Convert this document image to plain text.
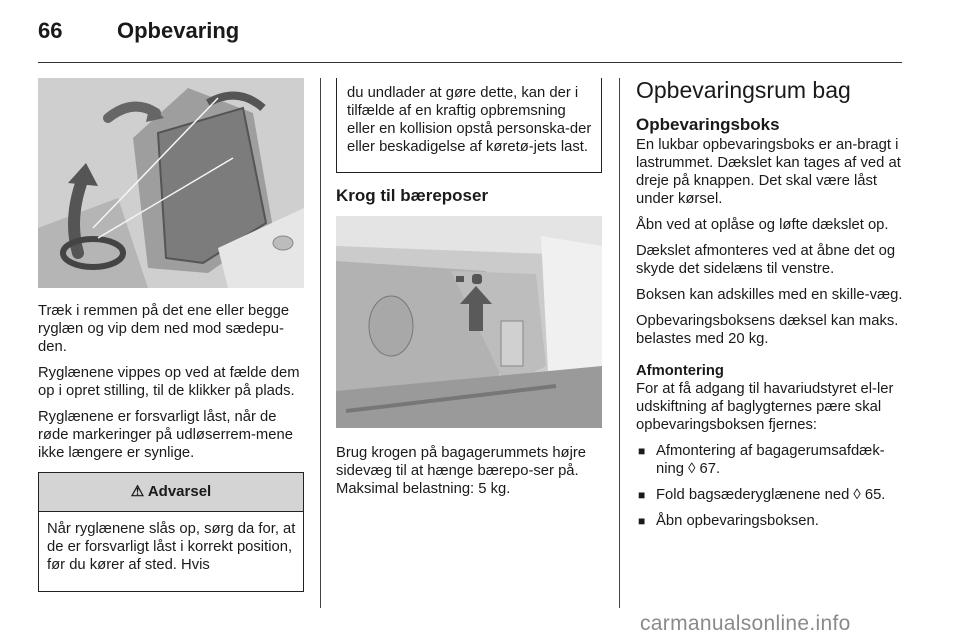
66 Opbevaring

Træk i remmen på det ene eller begge ryglæn og vip dem ned mod sædepu-den.

Ryglænene vippes op ved at fælde dem op i opret stilling, til de klikker på plads.

Ryglænene er forsvarligt låst, når de røde markeringer på udløserrem-mene ikke længere er synlige.

⚠ Advarsel
Når ryglænene slås op, sørg da for, at de er forsvarligt låst i korrekt position, før du kører af sted. Hvis
du undlader at gøre dette, kan der i tilfælde af en kraftig opbremsning eller en kollision opstå personska-der eller beskadigelse af køretø-jets last.
Krog til bæreposer

Brug krogen på bagagerummets højre sidevæg til at hænge bærepo-ser på. Maksimal belastning: 5 kg.

Opbevaringsrum bag
Opbevaringsboks

En lukbar opbevaringsboks er an-bragt i lastrummet. Dækslet kan tages af ved at dreje på knappen. Det skal være låst under kørsel.

Åbn ved at oplåse og løfte dækslet op.

Dækslet afmonteres ved at åbne det og skyde det sidelæns til venstre.

Boksen kan adskilles med en skille-væg.

Opbevaringsboksens dæksel kan maks. belastes med 20 kg.

Afmontering

For at få adgang til havariudstyret el-ler udskiftning af baglygternes pære skal opbevaringsboksen fjernes:

■ Afmontering af bagagerumsafdæk-ning ◊ 67.
■ Fold bagsæderyglænene ned ◊ 65.
■ Åbn opbevaringsboksen.
carmanualsonline.info
